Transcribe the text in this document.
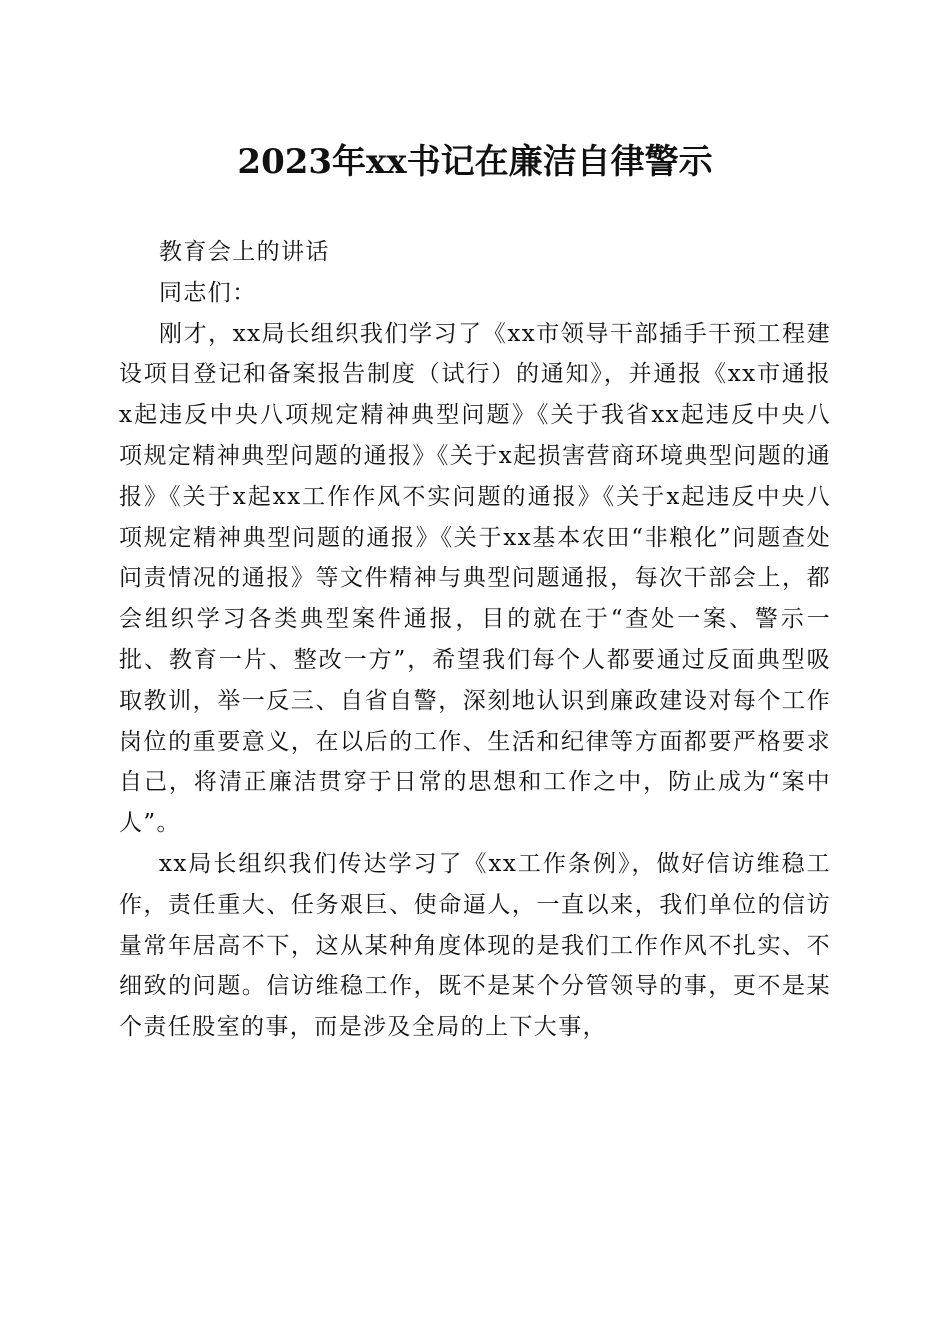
2023年xx书记在廉洁自律警示

教育会上的讲话

同志们：

刚才，xx局长组织我们学习了《xx市领导干部插手干预工程建设项目登记和备案报告制度（试行）的通知》，并通报《xx市通报x起违反中央八项规定精神典型问题》《关于我省xx起违反中央八项规定精神典型问题的通报》《关于x起损害营商环境典型问题的通报》《关于x起xx工作作风不实问题的通报》《关于x起违反中央八项规定精神典型问题的通报》《关于xx基本农田“非粮化”问题查处问责情况的通报》等文件精神与典型问题通报，每次干部会上，都会组织学习各类典型案件通报，目的就在于“查处一案、警示一批、教育一片、整改一方”，希望我们每个人都要通过反面典型吸取教训，举一反三、自省自警，深刻地认识到廉政建设对每个工作岗位的重要意义，在以后的工作、生活和纪律等方面都要严格要求自己，将清正廉洁贯穿于日常的思想和工作之中，防止成为“案中人”。

xx局长组织我们传达学习了《xx工作条例》，做好信访维稳工作，责任重大、任务艰巨、使命逼人，一直以来，我们单位的信访量常年居高不下，这从某种角度体现的是我们工作作风不扎实、不细致的问题。信访维稳工作，既不是某个分管领导的事，更不是某个责任股室的事，而是涉及全局的上下大事，
